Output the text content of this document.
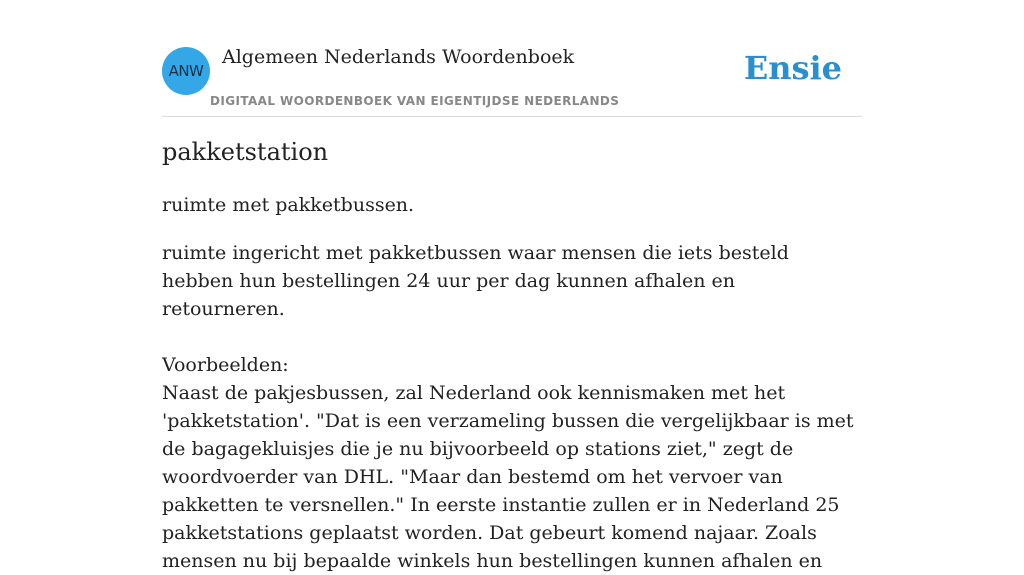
ANW
Algemeen Nederlands Woordenboek
DIGITAAL WOORDENBOEK VAN EIGENTIJDSE NEDERLANDS
Ensie
pakketstation
ruimte met pakketbussen.

ruimte ingericht met pakketbussen waar mensen die iets besteld hebben hun bestellingen 24 uur per dag kunnen afhalen en retourneren.

Voorbeelden:

Naast de pakjesbussen, zal Nederland ook kennismaken met het 'pakketstation'. "Dat is een verzameling bussen die vergelijkbaar is met de bagagekluisjes die je nu bijvoorbeeld op stations ziet," zegt de woordvoerder van DHL. "Maar dan bestemd om het vervoer van pakketten te versnellen." In eerste instantie zullen er in Nederland 25 pakketstations geplaatst worden. Dat gebeurt komend najaar. Zoals mensen nu bij bepaalde winkels hun bestellingen kunnen afhalen en
